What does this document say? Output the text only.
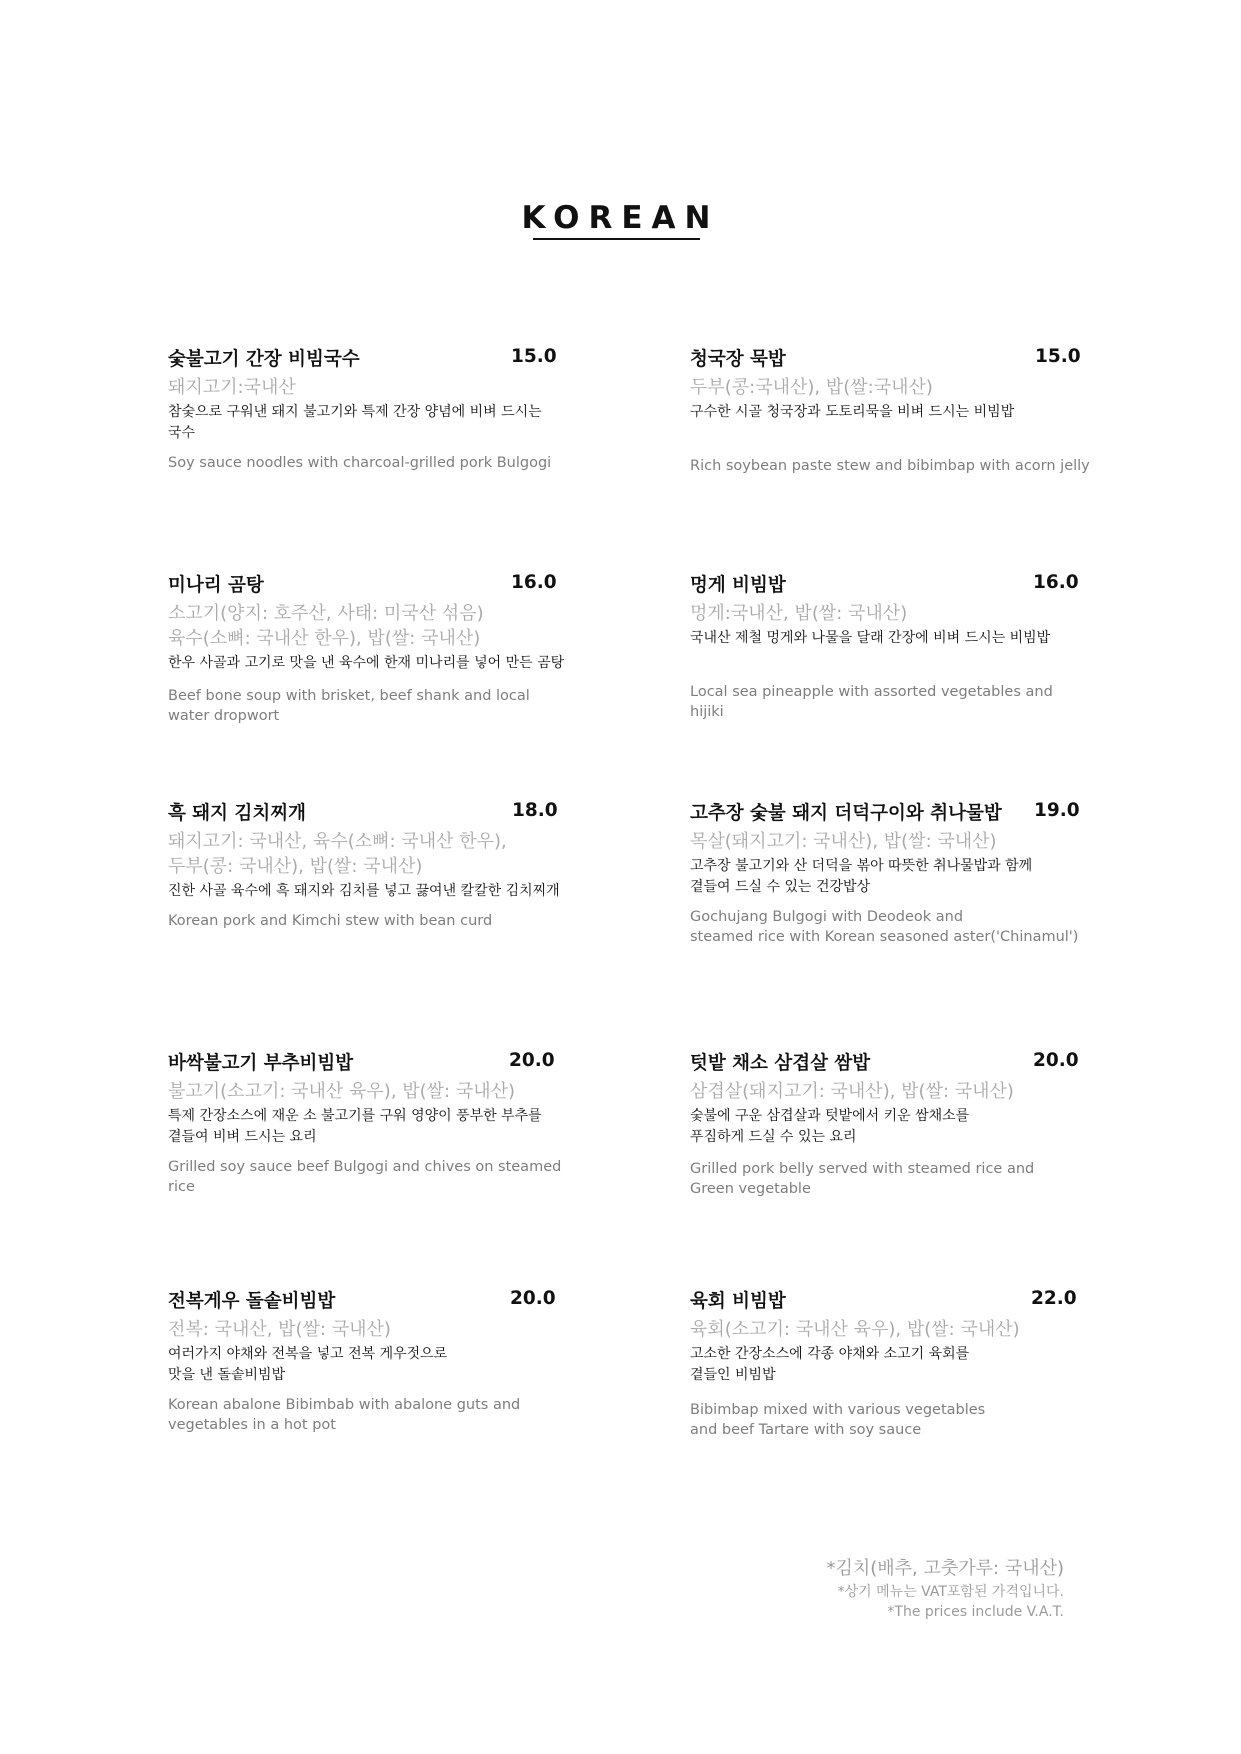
KOREAN
숯불고기 간장 비빔국수	15.0
돼지고기:국내산
참숯으로 구워낸 돼지 불고기와 특제 간장 양념에 비벼 드시는
국수
Soy sauce noodles with charcoal-grilled pork Bulgogi
청국장 묵밥	15.0
두부(콩:국내산), 밥(쌀:국내산)
구수한 시골 청국장과 도토리묵을 비벼 드시는 비빔밥
Rich soybean paste stew and bibimbap with acorn jelly
미나리 곰탕	16.0
소고기(양지: 호주산, 사태: 미국산 섞음)
육수(소뼈: 국내산 한우), 밥(쌀: 국내산)
한우 사골과 고기로 맛을 낸 육수에 한재 미나리를 넣어 만든 곰탕
Beef bone soup with brisket, beef shank and local
water dropwort
멍게 비빔밥	16.0
멍게:국내산, 밥(쌀: 국내산)
국내산 제철 멍게와 나물을 달래 간장에 비벼 드시는 비빔밥
Local sea pineapple with assorted vegetables and hijiki
흑 돼지 김치찌개	18.0
돼지고기: 국내산, 육수(소뼈: 국내산 한우),
두부(콩: 국내산), 밥(쌀: 국내산)
진한 사골 육수에 흑 돼지와 김치를 넣고 끓여낸 칼칼한 김치찌개
Korean pork and Kimchi stew with bean curd
고추장 숯불 돼지 더덕구이와 취나물밥 19.0
목살(돼지고기: 국내산), 밥(쌀: 국내산)
고추장 불고기와 산 더덕을 볶아 따뜻한 취나물밥과 함께
곁들여 드실 수 있는 건강밥상
Gochujang Bulgogi with Deodeok and
steamed rice with Korean seasoned aster('Chinamul')
바싹불고기 부추비빔밥	20.0
불고기(소고기: 국내산 육우), 밥(쌀: 국내산)
특제 간장소스에 재운 소 불고기를 구워 영양이 풍부한 부추를
곁들여 비벼 드시는 요리
Grilled soy sauce beef Bulgogi and chives on steamed rice
텃밭 채소 삼겹살 쌈밥	20.0
삼겹살(돼지고기: 국내산), 밥(쌀: 국내산)
숯불에 구운 삼겹살과 텃밭에서 키운 쌈채소를
푸짐하게 드실 수 있는 요리
Grilled pork belly served with steamed rice and
Green vegetable
전복게우 돌솥비빔밥	20.0
전복: 국내산, 밥(쌀: 국내산)
여러가지 야채와 전복을 넣고 전복 게우젓으로
맛을 낸 돌솥비빔밥
Korean abalone Bibimbab with abalone guts and
vegetables in a hot pot
육회 비빔밥	22.0
육회(소고기: 국내산 육우), 밥(쌀: 국내산)
고소한 간장소스에 각종 야채와 소고기 육회를
곁들인 비빔밥
Bibimbap mixed with various vegetables
and beef Tartare with soy sauce
*김치(배추, 고춧가루: 국내산)
*상기 메뉴는 VAT포함된 가격입니다.
*The prices include V.A.T.
